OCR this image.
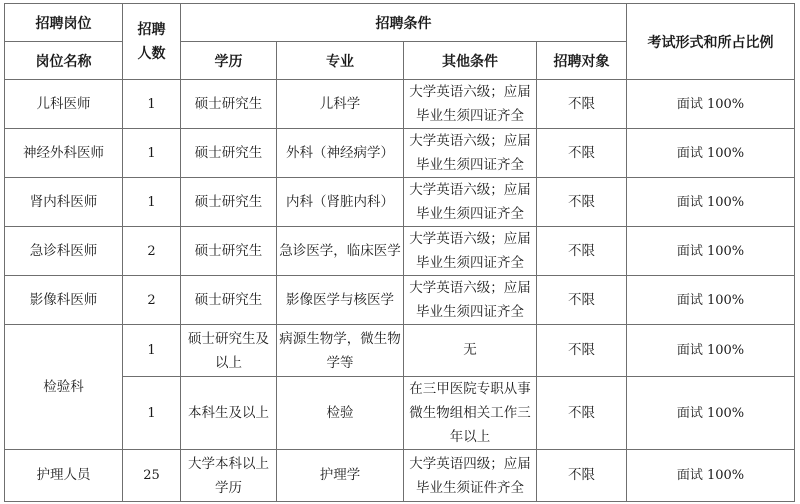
招聘岗位	招聘人数	招聘条件				考试形式和所占比例
岗位名称		学历	专业	其他条件	招聘对象	
儿科医师	1	硕士研究生	儿科学	大学英语六级；应届毕业生须四证齐全	不限	面试 100%
神经外科医师	1	硕士研究生	外科（神经病学）	大学英语六级；应届毕业生须四证齐全	不限	面试 100%
肾内科医师	1	硕士研究生	内科（肾脏内科）	大学英语六级；应届毕业生须四证齐全	不限	面试 100%
急诊科医师	2	硕士研究生	急诊医学，临床医学	大学英语六级；应届毕业生须四证齐全	不限	面试 100%
影像科医师	2	硕士研究生	影像医学与核医学	大学英语六级；应届毕业生须四证齐全	不限	面试 100%
检验科	1	硕士研究生及以上	病源生物学，微生物学等	无	不限	面试 100%
	1	本科生及以上	检验	在三甲医院专职从事微生物组相关工作三年以上	不限	面试 100%
护理人员	25	大学本科以上学历	护理学	大学英语四级；应届毕业生须证件齐全	不限	面试 100%
